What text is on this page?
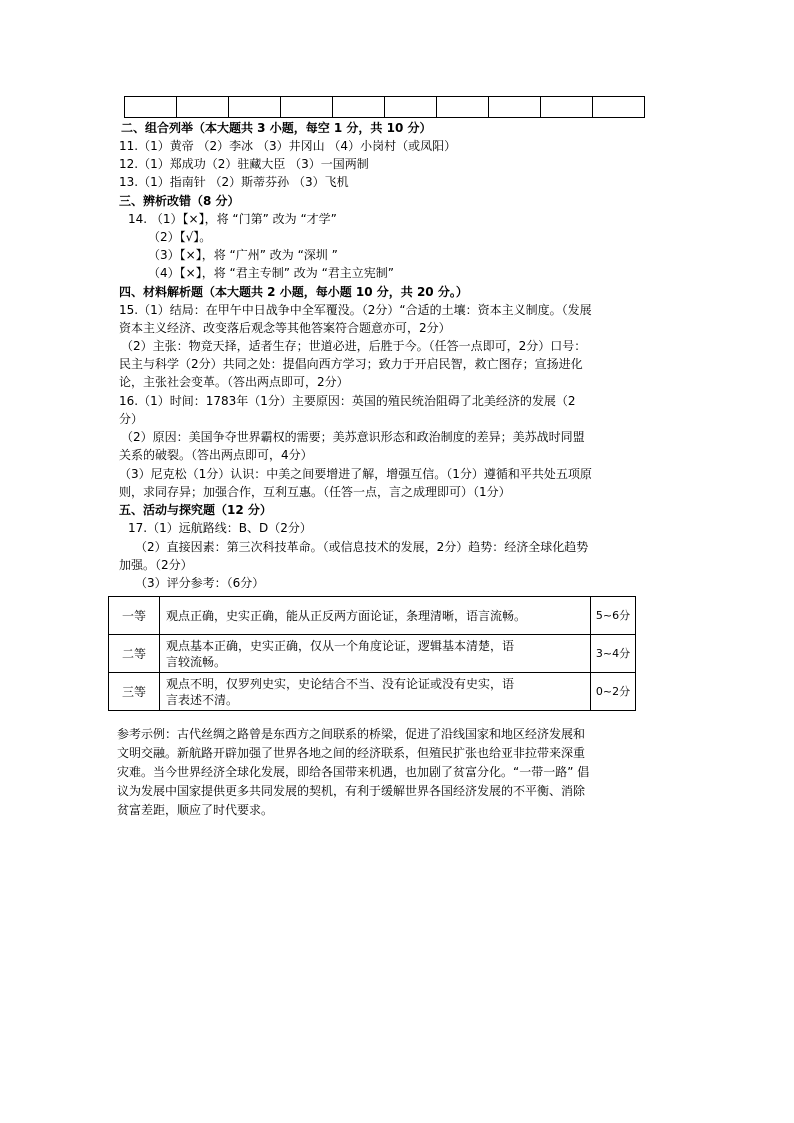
二、组合列举（本大题共 3 小题，每空 1 分，共 10 分）
11.（1）黄帝 （2）李冰 （3）井冈山 （4）小岗村（或凤阳）
12.（1）郑成功（2）驻藏大臣 （3）一国两制
13.（1）指南针 （2）斯蒂芬孙 （3）飞机
三、辨析改错（8 分）
14. （1）【×】，将 “门第” 改为 “才学”
（2）【√】。
（3）【×】，将 “广州” 改为 “深圳 ”
（4）【×】，将 “君主专制” 改为 “君主立宪制”
四、材料解析题（本大题共 2 小题，每小题 10 分，共 20 分。）
15.（1）结局：在甲午中日战争中全军覆没。（2分）“合适的土壤：资本主义制度。（发展
资本主义经济、改变落后观念等其他答案符合题意亦可，2分）
（2）主张：物竞天择，适者生存；世道必进，后胜于今。（任答一点即可，2分）口号：
民主与科学（2分）共同之处：提倡向西方学习；致力于开启民智，救亡图存；宣扬进化
论，主张社会变革。（答出两点即可，2分）
16.（1）时间：1783年（1分）主要原因：英国的殖民统治阻碍了北美经济的发展（2
分）
（2）原因：美国争夺世界霸权的需要；美苏意识形态和政治制度的差异；美苏战时同盟
关系的破裂。（答出两点即可，4分）
（3）尼克松（1分）认识：中美之间要增进了解，增强互信。（1分）遵循和平共处五项原
则，求同存异；加强合作，互利互惠。（任答一点，言之成理即可）（1分）
五、活动与探究题（12 分）
17.（1）远航路线：B、D（2分）
（2）直接因素：第三次科技革命。（或信息技术的发展，2分）趋势：经济全球化趋势
加强。（2分）
（3）评分参考：（6分）
一等	观点正确，史实正确，能从正反两方面论证，条理清晰，语言流畅。	5~6分
二等	观点基本正确，史实正确，仅从一个角度论证，逻辑基本清楚，语
言较流畅。	3~4分
三等	观点不明，仅罗列史实，史论结合不当、没有论证或没有史实，语
言表述不清。	0~2分
参考示例：古代丝绸之路曾是东西方之间联系的桥梁，促进了沿线国家和地区经济发展和
文明交融。新航路开辟加强了世界各地之间的经济联系，但殖民扩张也给亚非拉带来深重
灾难。当今世界经济全球化发展，即给各国带来机遇，也加剧了贫富分化。“一带一路” 倡
议为发展中国家提供更多共同发展的契机，有利于缓解世界各国经济发展的不平衡、消除
贫富差距，顺应了时代要求。
